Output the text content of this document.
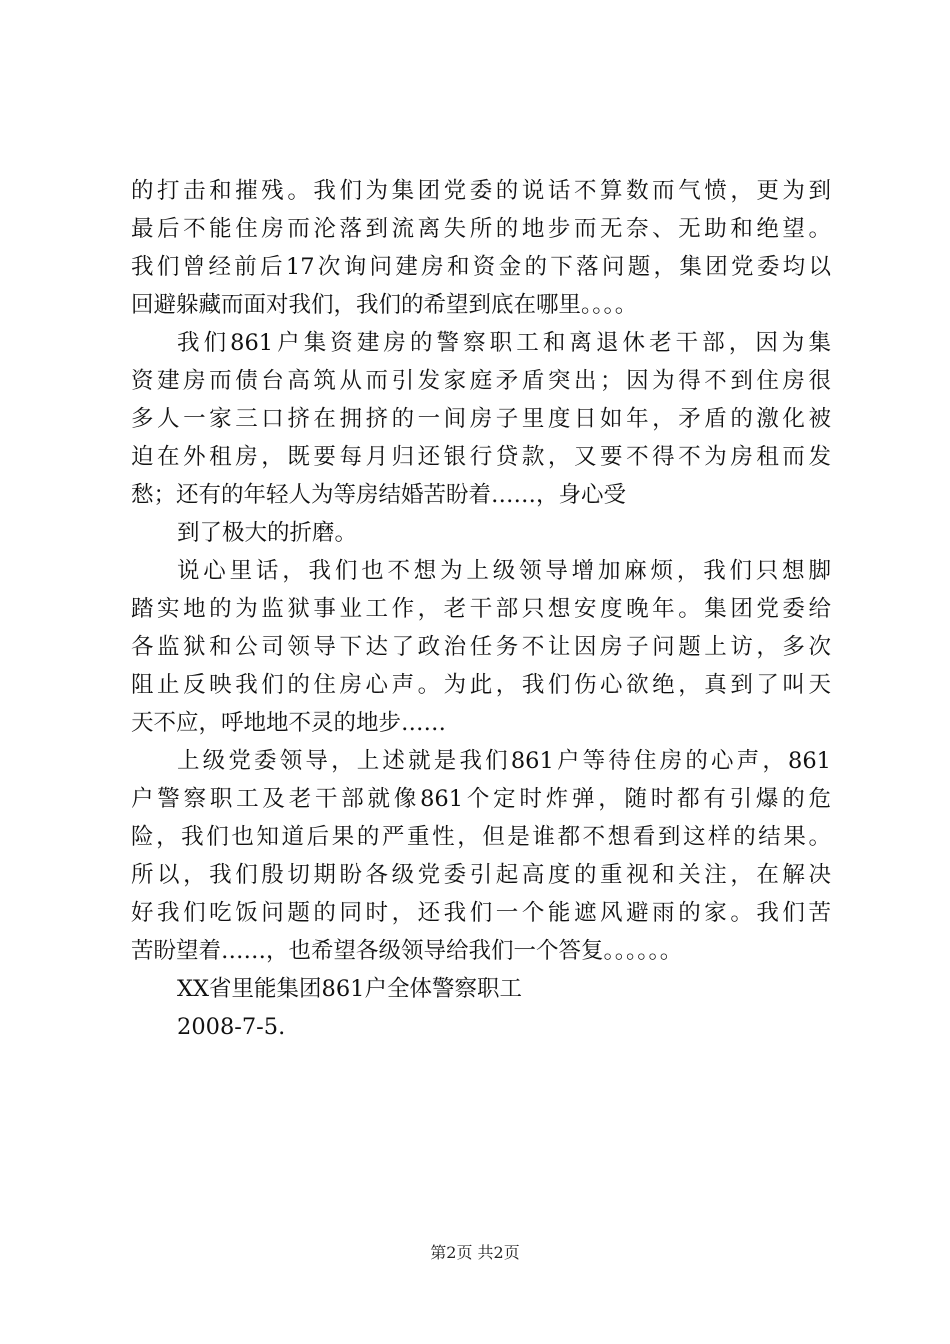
的打击和摧残。我们为集团党委的说话不算数而气愤，更为到
最后不能住房而沦落到流离失所的地步而无奈、无助和绝望。
我们曾经前后17次询问建房和资金的下落问题，集团党委均以
回避躲藏而面对我们，我们的希望到底在哪里。。。。
我们861户集资建房的警察职工和离退休老干部，因为集
资建房而债台高筑从而引发家庭矛盾突出；因为得不到住房很
多人一家三口挤在拥挤的一间房子里度日如年，矛盾的激化被
迫在外租房，既要每月归还银行贷款，又要不得不为房租而发
愁；还有的年轻人为等房结婚苦盼着……，身心受
到了极大的折磨。
说心里话，我们也不想为上级领导增加麻烦，我们只想脚
踏实地的为监狱事业工作，老干部只想安度晚年。集团党委给
各监狱和公司领导下达了政治任务不让因房子问题上访，多次
阻止反映我们的住房心声。为此，我们伤心欲绝，真到了叫天
天不应，呼地地不灵的地步……
上级党委领导，上述就是我们861户等待住房的心声，861
户警察职工及老干部就像861个定时炸弹，随时都有引爆的危
险，我们也知道后果的严重性，但是谁都不想看到这样的结果。
所以，我们殷切期盼各级党委引起高度的重视和关注，在解决
好我们吃饭问题的同时，还我们一个能遮风避雨的家。我们苦
苦盼望着……，也希望各级领导给我们一个答复。。。。。。
XX省里能集团861户全体警察职工
2008-7-5.
第2页 共2页
